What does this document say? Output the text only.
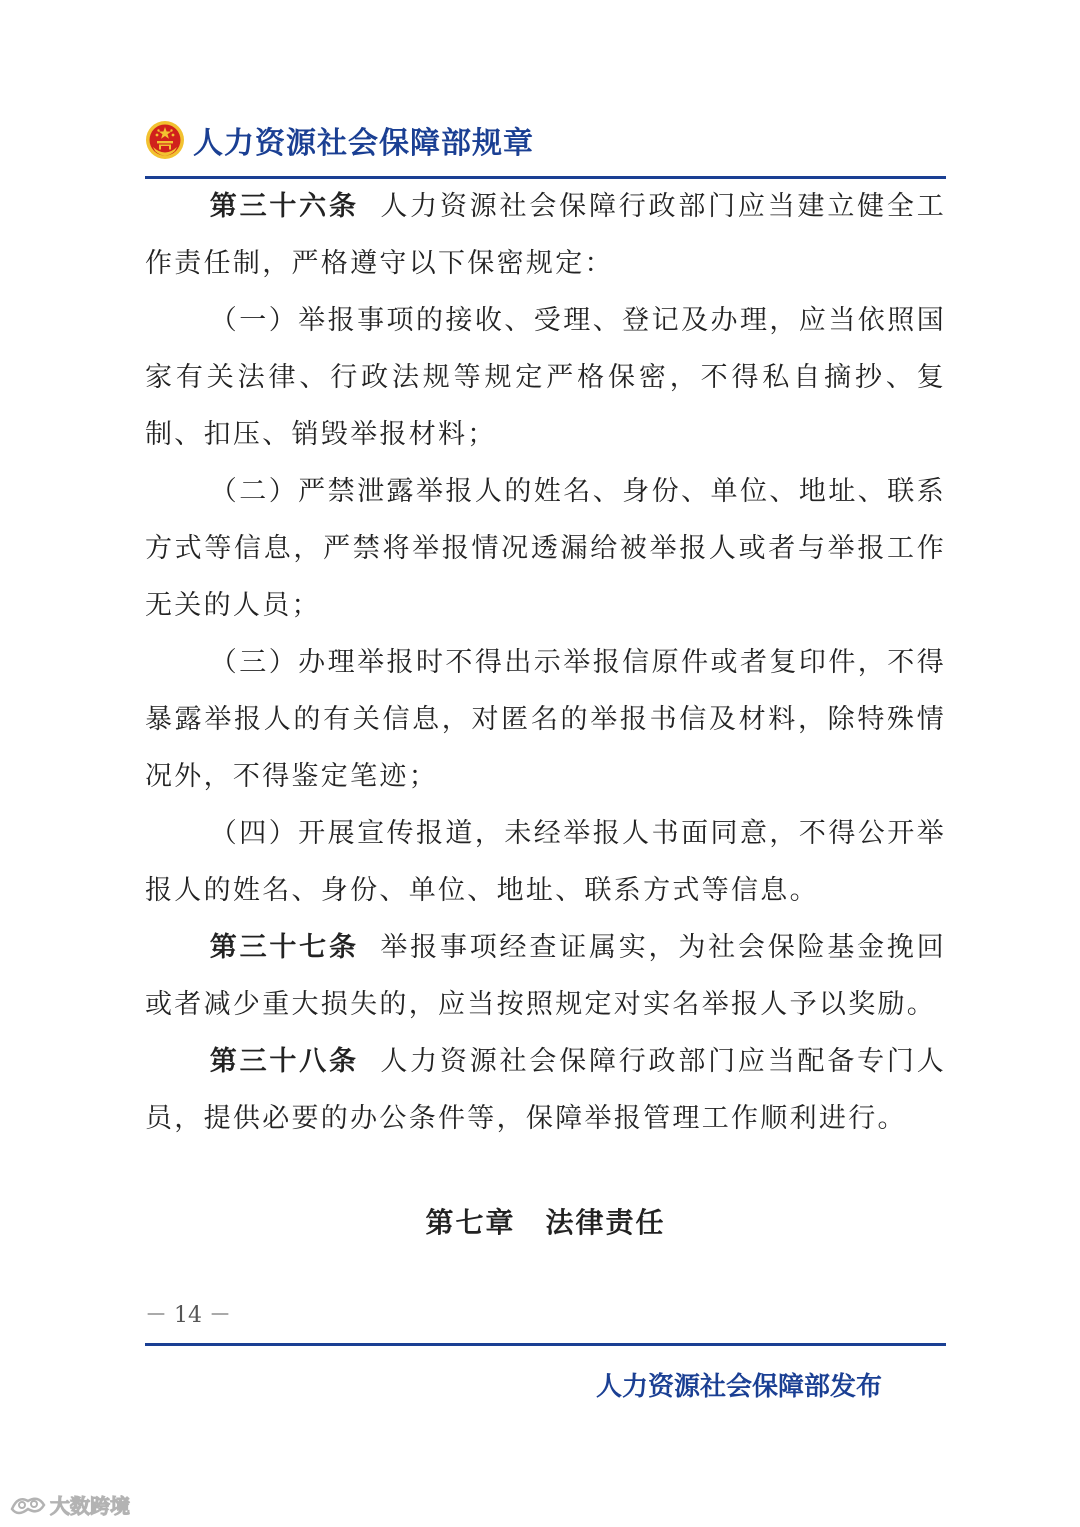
人力资源社会保障部规章

第三十六条 人力资源社会保障行政部门应当建立健全工作责任制，严格遵守以下保密规定：

（一）举报事项的接收、受理、登记及办理，应当依照国家有关法律、行政法规等规定严格保密，不得私自摘抄、复制、扣压、销毁举报材料；

（二）严禁泄露举报人的姓名、身份、单位、地址、联系方式等信息，严禁将举报情况透漏给被举报人或者与举报工作无关的人员；

（三）办理举报时不得出示举报信原件或者复印件，不得暴露举报人的有关信息，对匿名的举报书信及材料，除特殊情况外，不得鉴定笔迹；

（四）开展宣传报道，未经举报人书面同意，不得公开举报人的姓名、身份、单位、地址、联系方式等信息。

第三十七条 举报事项经查证属实，为社会保险基金挽回或者减少重大损失的，应当按照规定对实名举报人予以奖励。

第三十八条 人力资源社会保障行政部门应当配备专门人员，提供必要的办公条件等，保障举报管理工作顺利进行。

第七章　法律责任
－ 14 －
人力资源社会保障部发布
大数跨境
